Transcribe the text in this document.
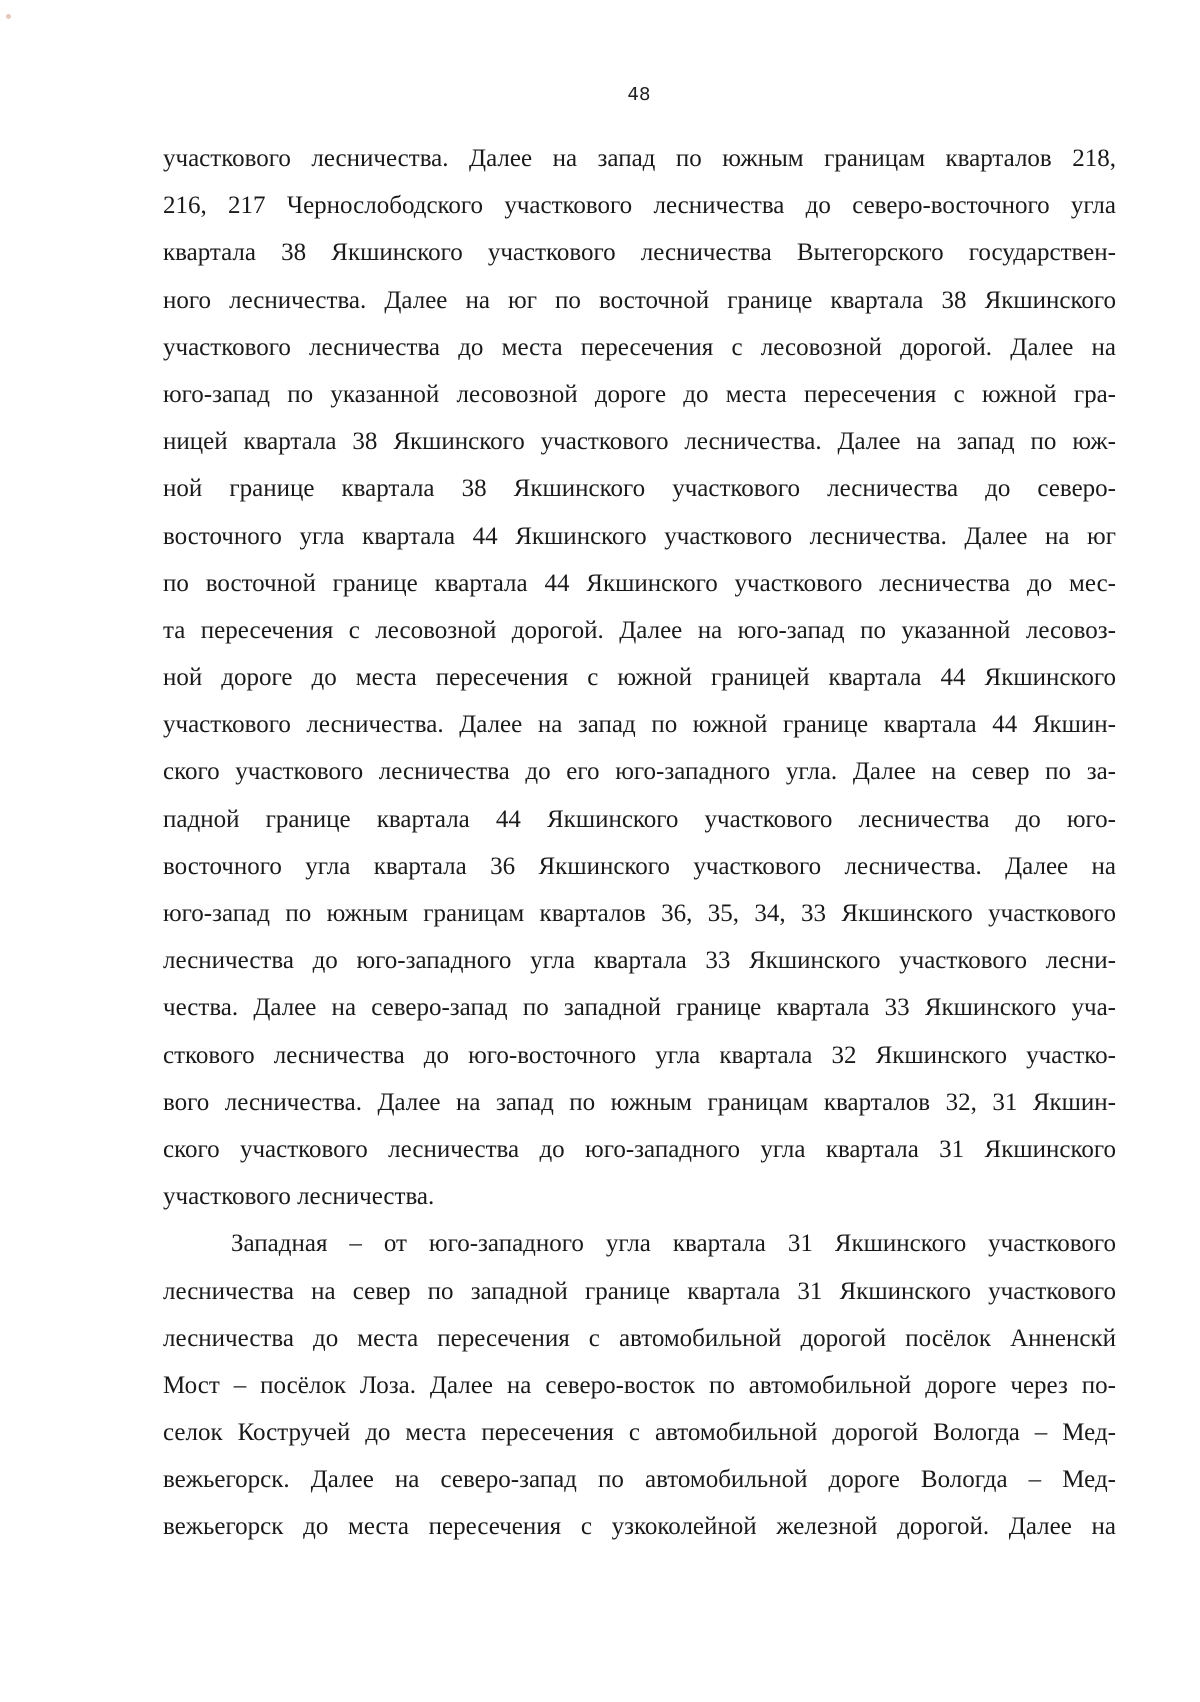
48
участкового лесничества. Далее на запад по южным границам кварталов 218,
216, 217 Чернослободского участкового лесничества до северо-восточного угла
квартала 38 Якшинского участкового лесничества Вытегорского государствен-
ного лесничества. Далее на юг по восточной границе квартала 38 Якшинского
участкового лесничества до места пересечения с лесовозной дорогой. Далее на
юго-запад по указанной лесовозной дороге до места пересечения с южной гра-
ницей квартала 38 Якшинского участкового лесничества. Далее на запад по юж-
ной границе квартала 38 Якшинского участкового лесничества до северо-
восточного угла квартала 44 Якшинского участкового лесничества. Далее на юг
по восточной границе квартала 44 Якшинского участкового лесничества до мес-
та пересечения с лесовозной дорогой. Далее на юго-запад по указанной лесовоз-
ной дороге до места пересечения с южной границей квартала 44 Якшинского
участкового лесничества. Далее на запад по южной границе квартала 44 Якшин-
ского участкового лесничества до его юго-западного угла. Далее на север по за-
падной границе квартала 44 Якшинского участкового лесничества до юго-
восточного угла квартала 36 Якшинского участкового лесничества. Далее на
юго-запад по южным границам кварталов 36, 35, 34, 33 Якшинского участкового
лесничества до юго-западного угла квартала 33 Якшинского участкового лесни-
чества. Далее на северо-запад по западной границе квартала 33 Якшинского уча-
сткового лесничества до юго-восточного угла квартала 32 Якшинского участко-
вого лесничества. Далее на запад по южным границам кварталов 32, 31 Якшин-
ского участкового лесничества до юго-западного угла квартала 31 Якшинского
участкового лесничества.
Западная – от юго-западного угла квартала 31 Якшинского участкового
лесничества на север по западной границе квартала 31 Якшинского участкового
лесничества до места пересечения с автомобильной дорогой посёлок Анненскй
Мост – посёлок Лоза. Далее на северо-восток по автомобильной дороге через по-
селок Костручей до места пересечения с автомобильной дорогой Вологда – Мед-
вежьегорск. Далее на северо-запад по автомобильной дороге Вологда – Мед-
вежьегорск до места пересечения с узкоколейной железной дорогой. Далее на
